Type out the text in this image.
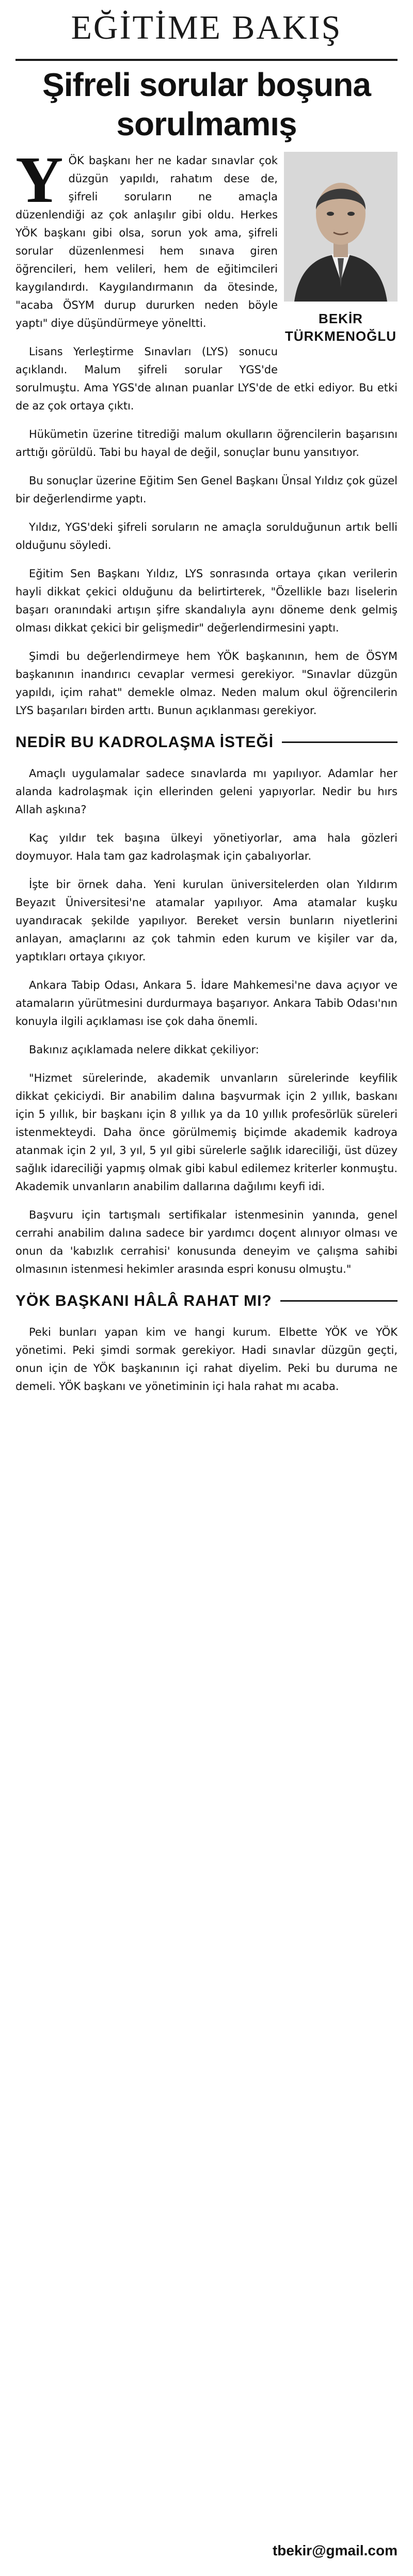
EĞİTİME BAKIŞ
Şifreli sorular boşuna sorulmamış
BEKİR
TÜRKMENOĞLU

YÖK başkanı her ne kadar sınavlar çok düzgün yapıldı, rahatım dese de, şifreli soruların ne amaçla düzenlendiği az çok anlaşılır gibi oldu. Herkes YÖK başkanı gibi olsa, sorun yok ama, şifreli sorular düzenlenmesi hem sınava giren öğrencileri, hem velileri, hem de eğitimcileri kaygılandırdı. Kaygılandırmanın da ötesinde, "acaba ÖSYM durup dururken neden böyle yaptı" diye düşündürmeye yöneltti.

Lisans Yerleştirme Sınavları (LYS) sonucu açıklandı. Malum şifreli sorular YGS'de sorulmuştu. Ama YGS'de alınan puanlar LYS'de de etki ediyor. Bu etki de az çok ortaya çıktı.

Hükümetin üzerine titrediği malum okulların öğrencilerin başarısını arttığı görüldü. Tabi bu hayal de değil, sonuçlar bunu yansıtıyor.

Bu sonuçlar üzerine Eğitim Sen Genel Başkanı Ünsal Yıldız çok güzel bir değerlendirme yaptı.

Yıldız, YGS'deki şifreli soruların ne amaçla sorulduğunun artık belli olduğunu söyledi.

Eğitim Sen Başkanı Yıldız, LYS sonrasında ortaya çıkan verilerin hayli dikkat çekici olduğunu da belirtirterek, "Özellikle bazı liselerin başarı oranındaki artışın şifre skandalıyla aynı döneme denk gelmiş olması dikkat çekici bir gelişmedir" değerlendirmesini yaptı.

Şimdi bu değerlendirmeye hem YÖK başkanının, hem de ÖSYM başkanının inandırıcı cevaplar vermesi gerekiyor. "Sınavlar düzgün yapıldı, içim rahat" demekle olmaz. Neden malum okul öğrencilerin LYS başarıları birden arttı. Bunun açıklanması gerekiyor.

NEDİR BU KADROLAŞMA İSTEĞİ

Amaçlı uygulamalar sadece sınavlarda mı yapılıyor. Adamlar her alanda kadrolaşmak için ellerinden geleni yapıyorlar. Nedir bu hırs Allah aşkına?

Kaç yıldır tek başına ülkeyi yönetiyorlar, ama hala gözleri doymuyor. Hala tam gaz kadrolaşmak için çabalıyorlar.

İşte bir örnek daha. Yeni kurulan üniversitelerden olan Yıldırım Beyazıt Üniversitesi'ne atamalar yapılıyor. Ama atamalar kuşku uyandıracak şekilde yapılıyor. Bereket versin bunların niyetlerini anlayan, amaçlarını az çok tahmin eden kurum ve kişiler var da, yaptıkları ortaya çıkıyor.

Ankara Tabip Odası, Ankara 5. İdare Mahkemesi'ne dava açıyor ve atamaların yürütmesini durdurmaya başarıyor. Ankara Tabib Odası'nın konuyla ilgili açıklaması ise çok daha önemli.

Bakınız açıklamada nelere dikkat çekiliyor:

"Hizmet sürelerinde, akademik unvanların sürelerinde keyfilik dikkat çekiciydi. Bir anabilim dalına başvurmak için 2 yıllık, baskanı için 5 yıllık, bir başkanı için 8 yıllık ya da 10 yıllık profesörlük süreleri istenmekteydi. Daha önce görülmemiş biçimde akademik kadroya atanmak için 2 yıl, 3 yıl, 5 yıl gibi sürelerle sağlık idareciliği, üst düzey sağlık idareciliği yapmış olmak gibi kabul edilemez kriterler konmuştu. Akademik unvanların anabilim dallarına dağılımı keyfi idi.

Başvuru için tartışmalı sertifikalar istenmesinin yanında, genel cerrahi anabilim dalına sadece bir yardımcı doçent alınıyor olması ve onun da 'kabızlık cerrahisi' konusunda deneyim ve çalışma sahibi olmasının istenmesi hekimler arasında espri konusu olmuştu."

YÖK BAŞKANI HÂLÂ RAHAT MI?

Peki bunları yapan kim ve hangi kurum. Elbette YÖK ve YÖK yönetimi. Peki şimdi sormak gerekiyor. Hadi sınavlar düzgün geçti, onun için de YÖK başkanının içi rahat diyelim. Peki bu duruma ne demeli. YÖK başkanı ve yönetiminin içi hala rahat mı acaba.

tbekir@gmail.com
